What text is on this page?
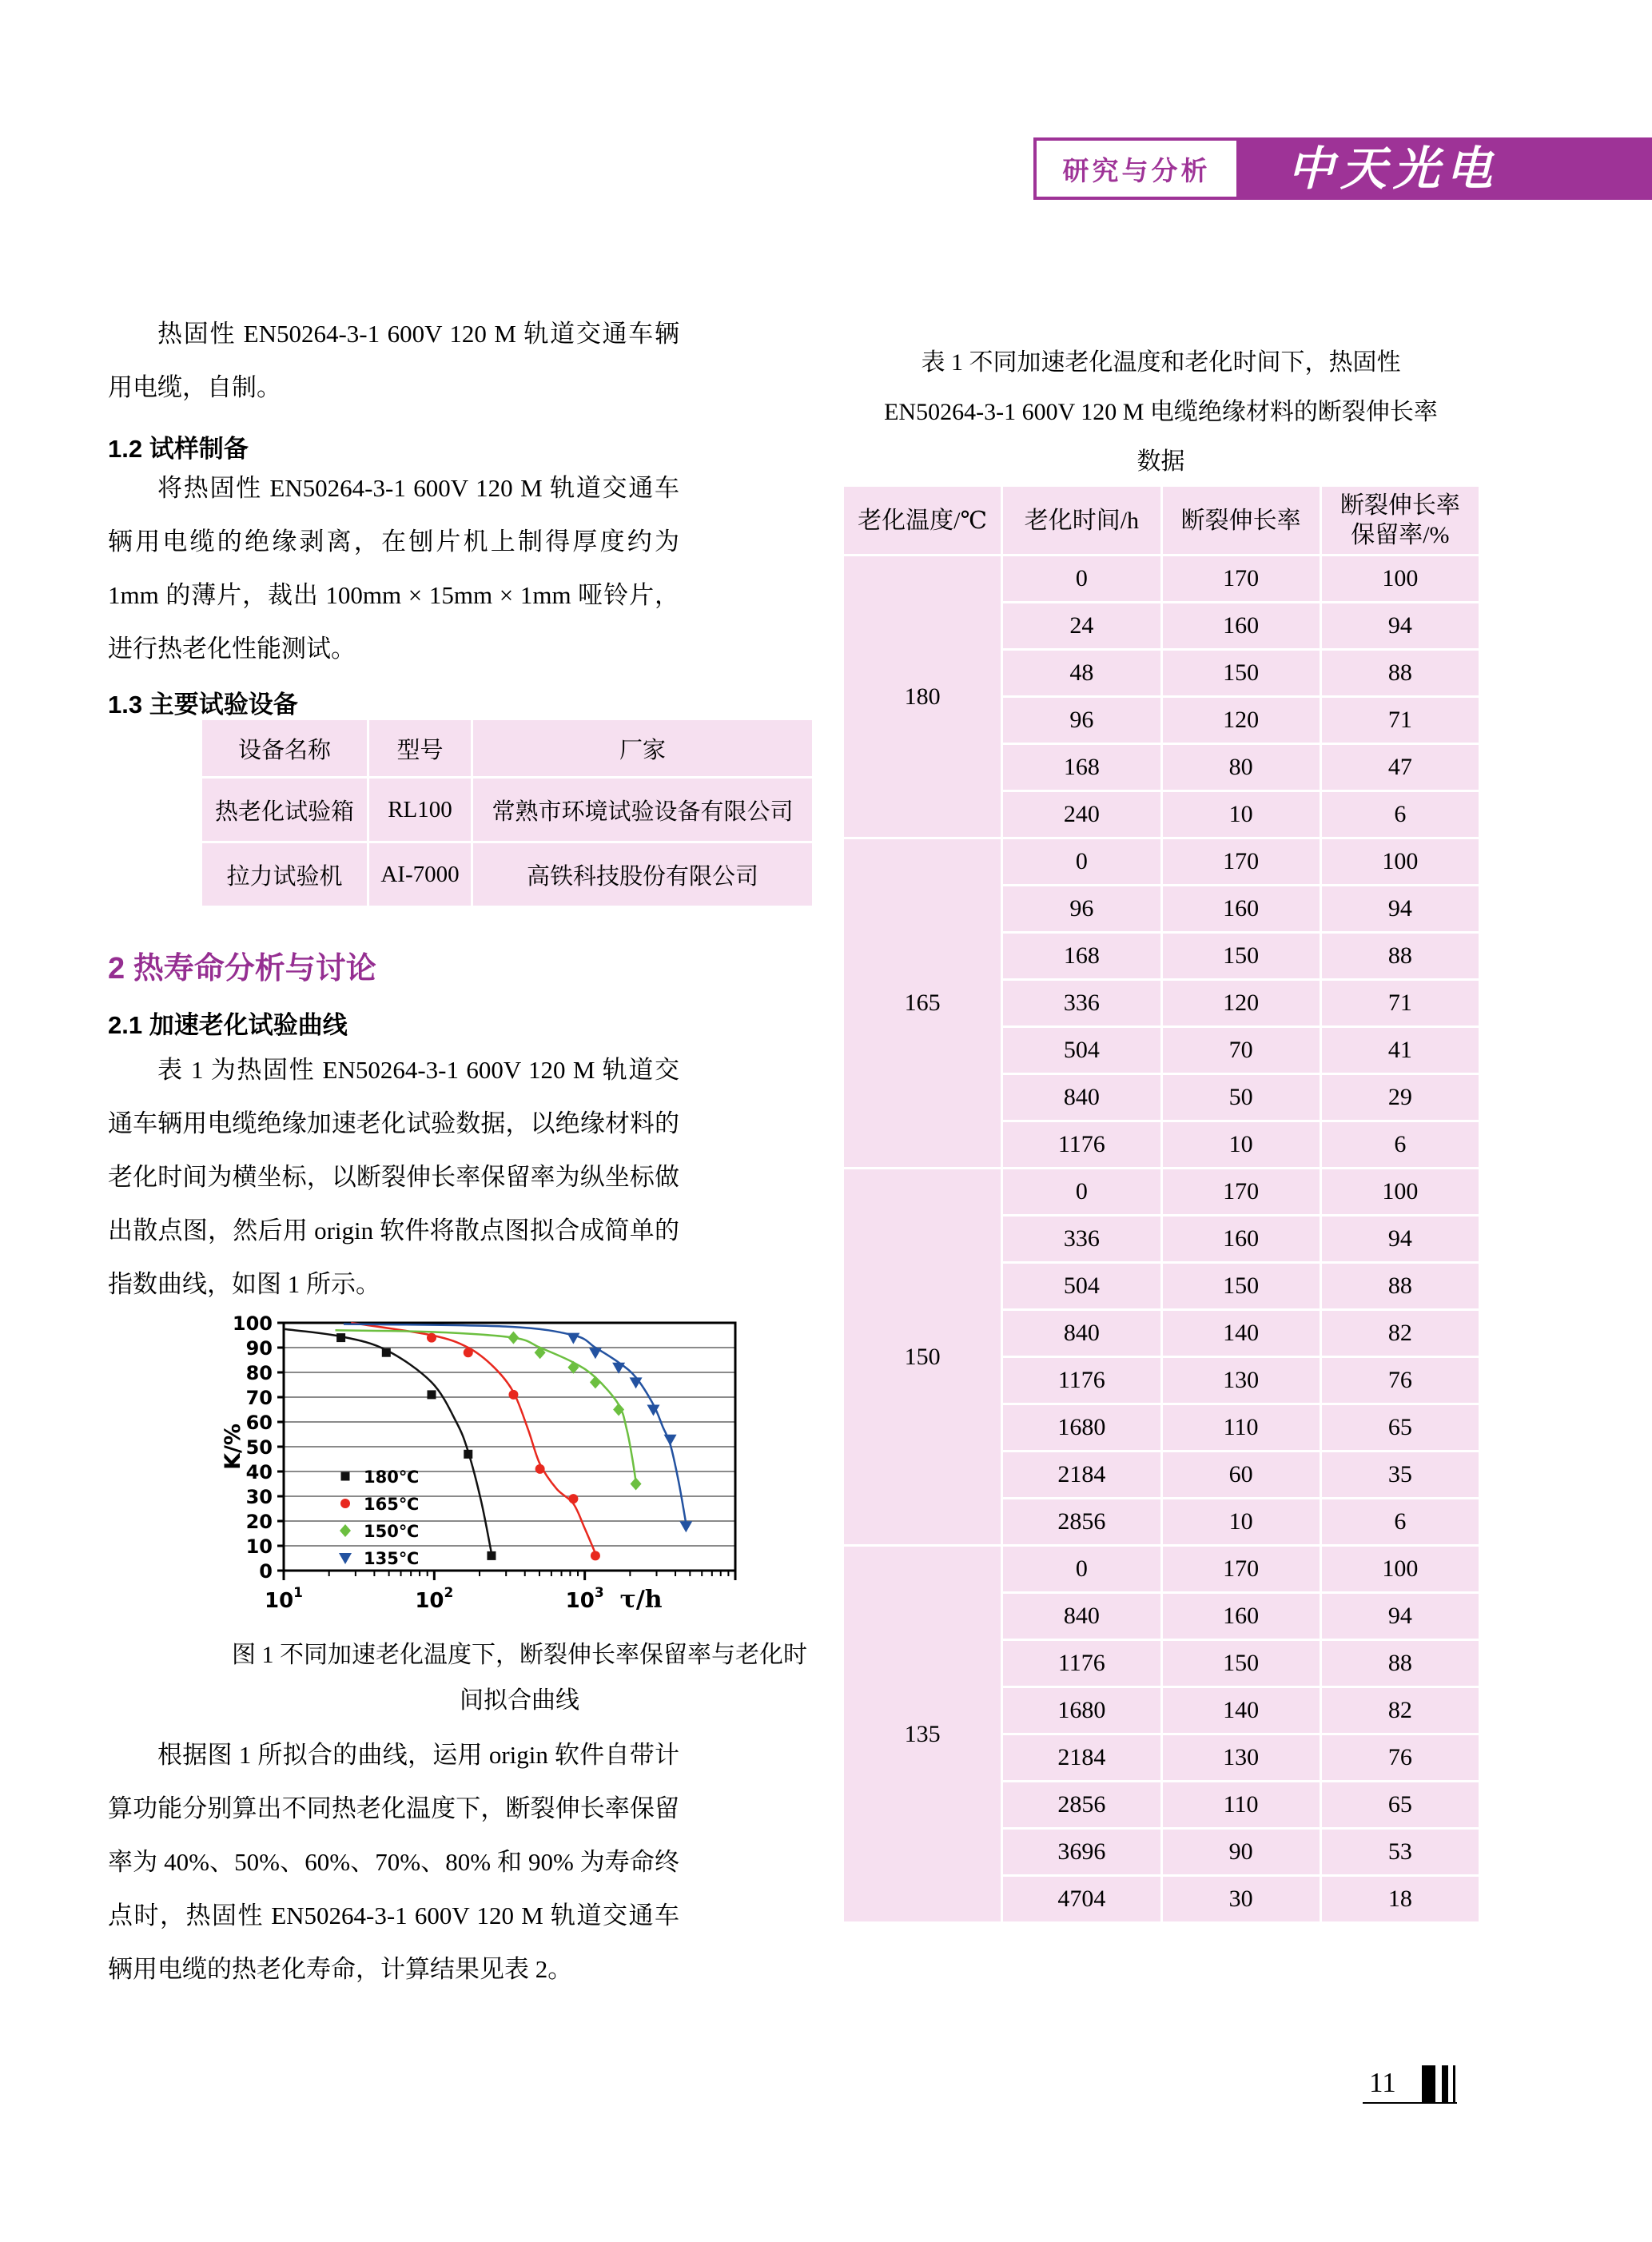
研究与分析	中天光电
热固性 EN50264-3-1 600V 120 M 轨道交通车辆用电缆，自制。
1.2 试样制备
将热固性 EN50264-3-1 600V 120 M 轨道交通车辆用电缆的绝缘剥离，在刨片机上制得厚度约为 1mm 的薄片，裁出 100mm × 15mm × 1mm 哑铃片，进行热老化性能测试。
1.3 主要试验设备
设备名称	型号	厂家
热老化试验箱	RL100	常熟市环境试验设备有限公司
拉力试验机	AI-7000	高铁科技股份有限公司
2 热寿命分析与讨论
2.1 加速老化试验曲线
表 1 为热固性 EN50264-3-1 600V 120 M 轨道交通车辆用电缆绝缘加速老化试验数据，以绝缘材料的老化时间为横坐标，以断裂伸长率保留率为纵坐标做出散点图，然后用 origin 软件将散点图拟合成简单的指数曲线，如图 1 所示。
0
10
20
30
40
50
60
70
80
90
100
$10^1$	$10^2$	$10^3$ τ/h
K/%
180℃
165℃
150℃
135℃
图 1 不同加速老化温度下，断裂伸长率保留率与老化时
间拟合曲线
根据图 1 所拟合的曲线，运用 origin 软件自带计算功能分别算出不同热老化温度下，断裂伸长率保留率为 40%、50%、60%、70%、80% 和 90% 为寿命终点时，热固性 EN50264-3-1 600V 120 M 轨道交通车辆用电缆的热老化寿命，计算结果见表 2。
表 1 不同加速老化温度和老化时间下，热固性
EN50264-3-1 600V 120 M 电缆绝缘材料的断裂伸长率
数据
老化温度/℃	老化时间/h	断裂伸长率	断裂伸长率
保留率/%
180	0	170	100
	24	160	94
	48	150	88
	96	120	71
	168	80	47
	240	10	6
165	0	170	100
	96	160	94
	168	150	88
	336	120	71
	504	70	41
	840	50	29
	1176	10	6
150	0	170	100
	336	160	94
	504	150	88
	840	140	82
	1176	130	76
	1680	110	65
	2184	60	35
	2856	10	6
135	0	170	100
	840	160	94
	1176	150	88
	1680	140	82
	2184	130	76
	2856	110	65
	3696	90	53
	4704	30	18
11
